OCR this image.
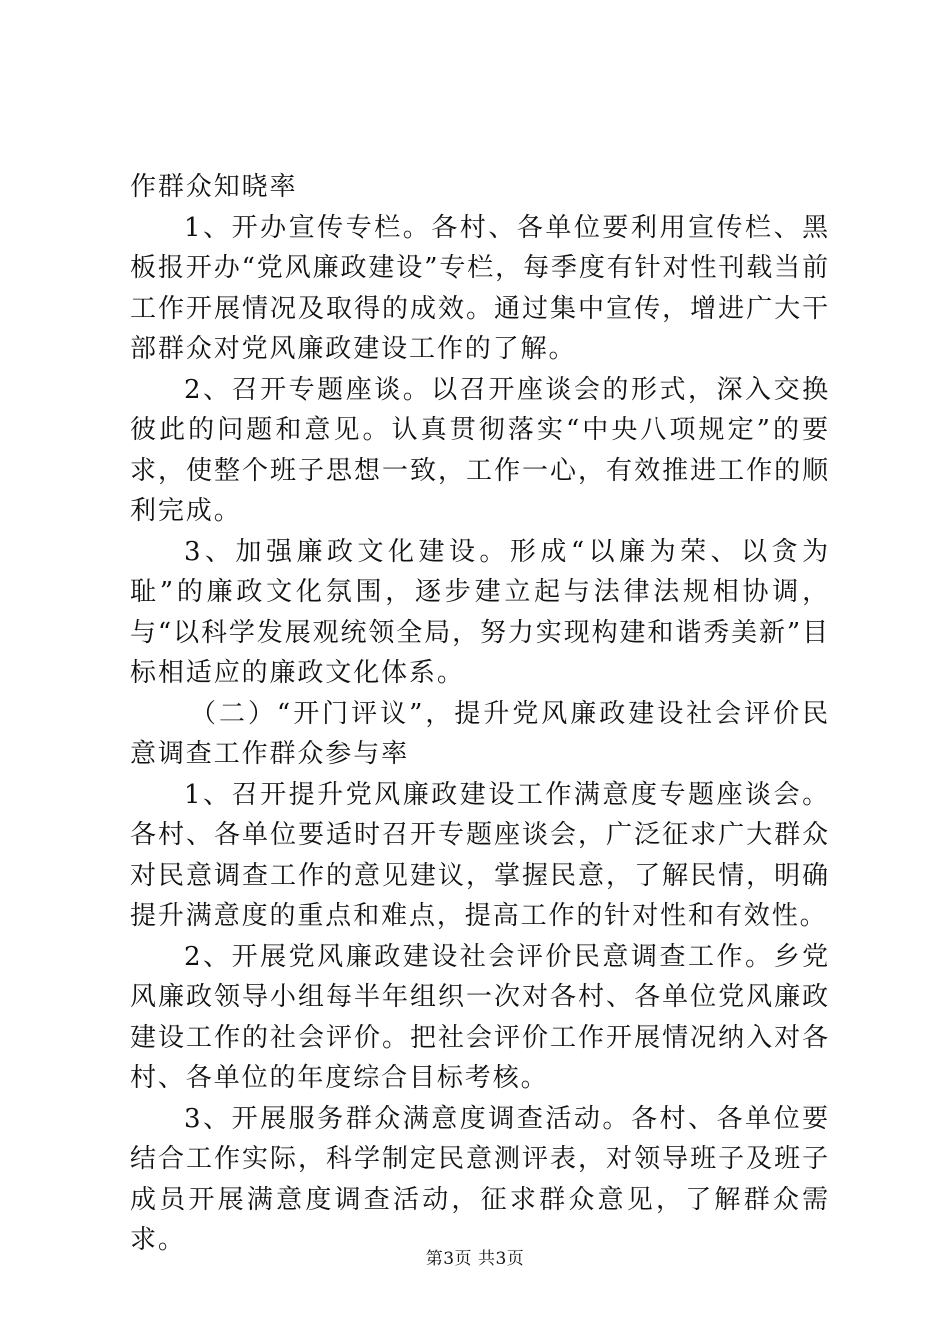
作群众知晓率

1、开办宣传专栏。各村、各单位要利用宣传栏、黑板报开办“党风廉政建设”专栏，每季度有针对性刊载当前工作开展情况及取得的成效。通过集中宣传，增进广大干部群众对党风廉政建设工作的了解。

2、召开专题座谈。以召开座谈会的形式，深入交换彼此的问题和意见。认真贯彻落实“中央八项规定”的要求，使整个班子思想一致，工作一心，有效推进工作的顺利完成。

3、加强廉政文化建设。形成“以廉为荣、以贪为耻”的廉政文化氛围，逐步建立起与法律法规相协调，与“以科学发展观统领全局，努力实现构建和谐秀美新”目标相适应的廉政文化体系。

（二）“开门评议”，提升党风廉政建设社会评价民意调查工作群众参与率

1、召开提升党风廉政建设工作满意度专题座谈会。各村、各单位要适时召开专题座谈会，广泛征求广大群众对民意调查工作的意见建议，掌握民意，了解民情，明确提升满意度的重点和难点，提高工作的针对性和有效性。

2、开展党风廉政建设社会评价民意调查工作。乡党风廉政领导小组每半年组织一次对各村、各单位党风廉政建设工作的社会评价。把社会评价工作开展情况纳入对各村、各单位的年度综合目标考核。

3、开展服务群众满意度调查活动。各村、各单位要结合工作实际，科学制定民意测评表，对领导班子及班子成员开展满意度调查活动，征求群众意见，了解群众需求。

第3页 共3页
